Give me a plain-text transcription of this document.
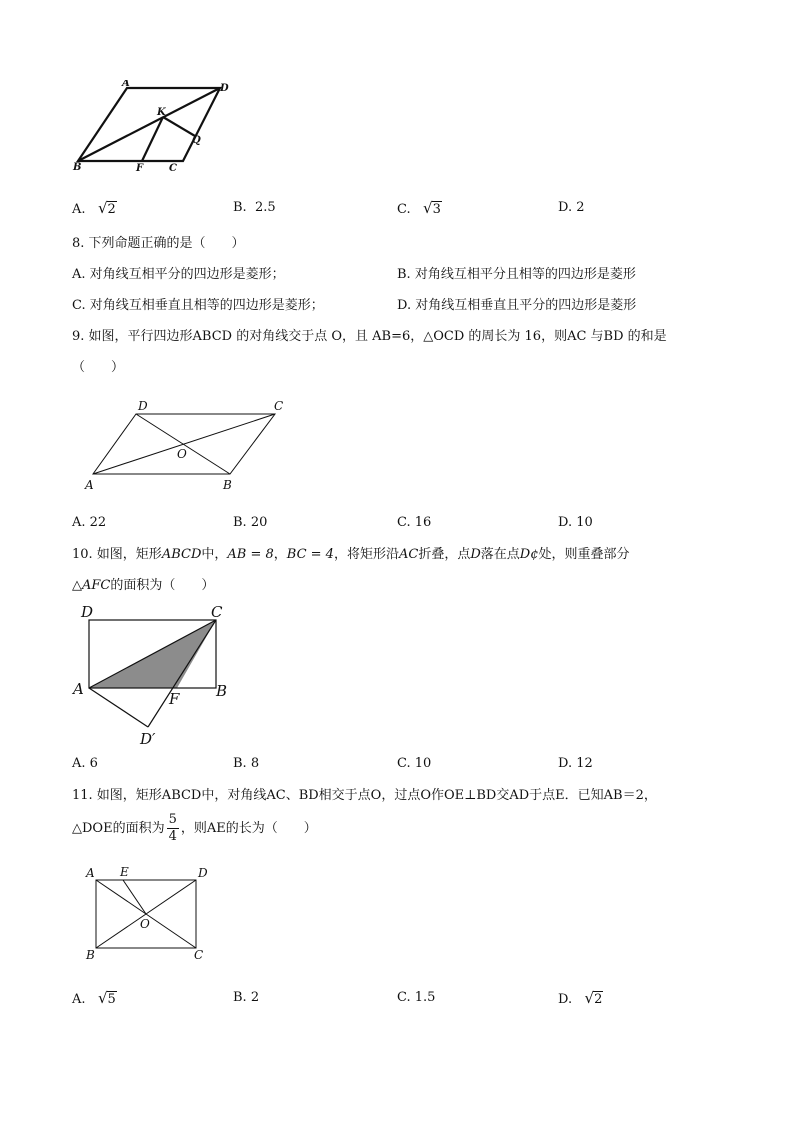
A	D
K
Q
B	F	C
A. √2	B. 2.5	C. √3	D. 2
8. 下列命题正确的是（　　）
A. 对角线互相平分的四边形是菱形；	B. 对角线互相平分且相等的四边形是菱形
C. 对角线互相垂直且相等的四边形是菱形；	D. 对角线互相垂直且平分的四边形是菱形
9. 如图，平行四边形ABCD 的对角线交于点 O，且 AB=6，△OCD 的周长为 16，则AC 与BD 的和是
（　　）
D	C
O
A	B
A. 22	B. 20	C. 16	D. 10
10. 如图，矩形ABCD中，AB = 8，BC = 4，将矩形沿AC折叠，点D落在点D¢处，则重叠部分
△AFC的面积为（　　）
D	C
A	B
F
D′
A. 6	B. 8	C. 10	D. 12
11. 如图，矩形ABCD中，对角线AC、BD相交于点O，过点O作OE⊥BD交AD于点E．已知AB＝2，
△DOE的面积为 $\frac{5}{4}$ ，则AE的长为（　　）
A E	D
O
B	C
A. √5	B. 2	C. 1.5	D. √2
